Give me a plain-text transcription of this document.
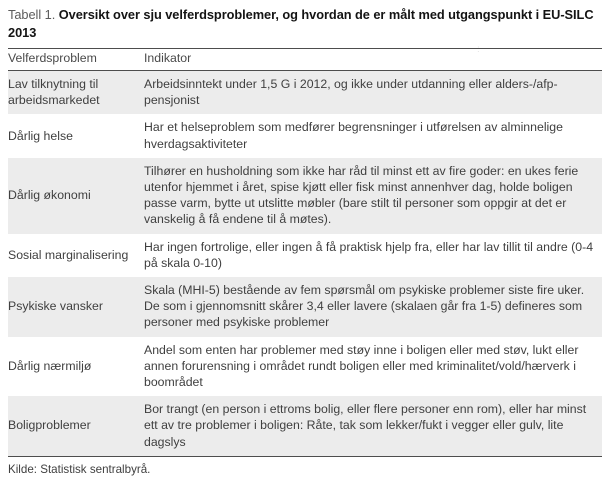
Tabell 1. Oversikt over sju velferdsproblemer, og hvordan de er målt med utgangspunkt i EU-SILC 2013
Velferdsproblem	Indikator
Lav tilknytning til arbeidsmarkedet	Arbeidsinntekt under 1,5 G i 2012, og ikke under utdanning eller alders-/afp-pensjonist
Dårlig helse	Har et helseproblem som medfører begrensninger i utførelsen av alminnelige hverdagsaktiviteter
Dårlig økonomi	Tilhører en husholdning som ikke har råd til minst ett av fire goder: en ukes ferie utenfor hjemmet i året, spise kjøtt eller fisk minst annenhver dag, holde boligen passe varm, bytte ut utslitte møbler (bare stilt til personer som oppgir at det er vanskelig å få endene til å møtes).
Sosial marginalisering	Har ingen fortrolige, eller ingen å få praktisk hjelp fra, eller har lav tillit til andre (0-4 på skala 0-10)
Psykiske vansker	Skala (MHI-5) bestående av fem spørsmål om psykiske problemer siste fire uker. De som i gjennomsnitt skårer 3,4 eller lavere (skalaen går fra 1-5) defineres som personer med psykiske problemer
Dårlig nærmiljø	Andel som enten har problemer med støy inne i boligen eller med støv, lukt eller annen forurensning i området rundt boligen eller med kriminalitet/vold/hærverk i boområdet
Boligproblemer	Bor trangt (en person i ettroms bolig, eller flere personer enn rom), eller har minst ett av tre problemer i boligen: Råte, tak som lekker/fukt i vegger eller gulv, lite dagslys
:
Kilde: Statistisk sentralbyrå.
